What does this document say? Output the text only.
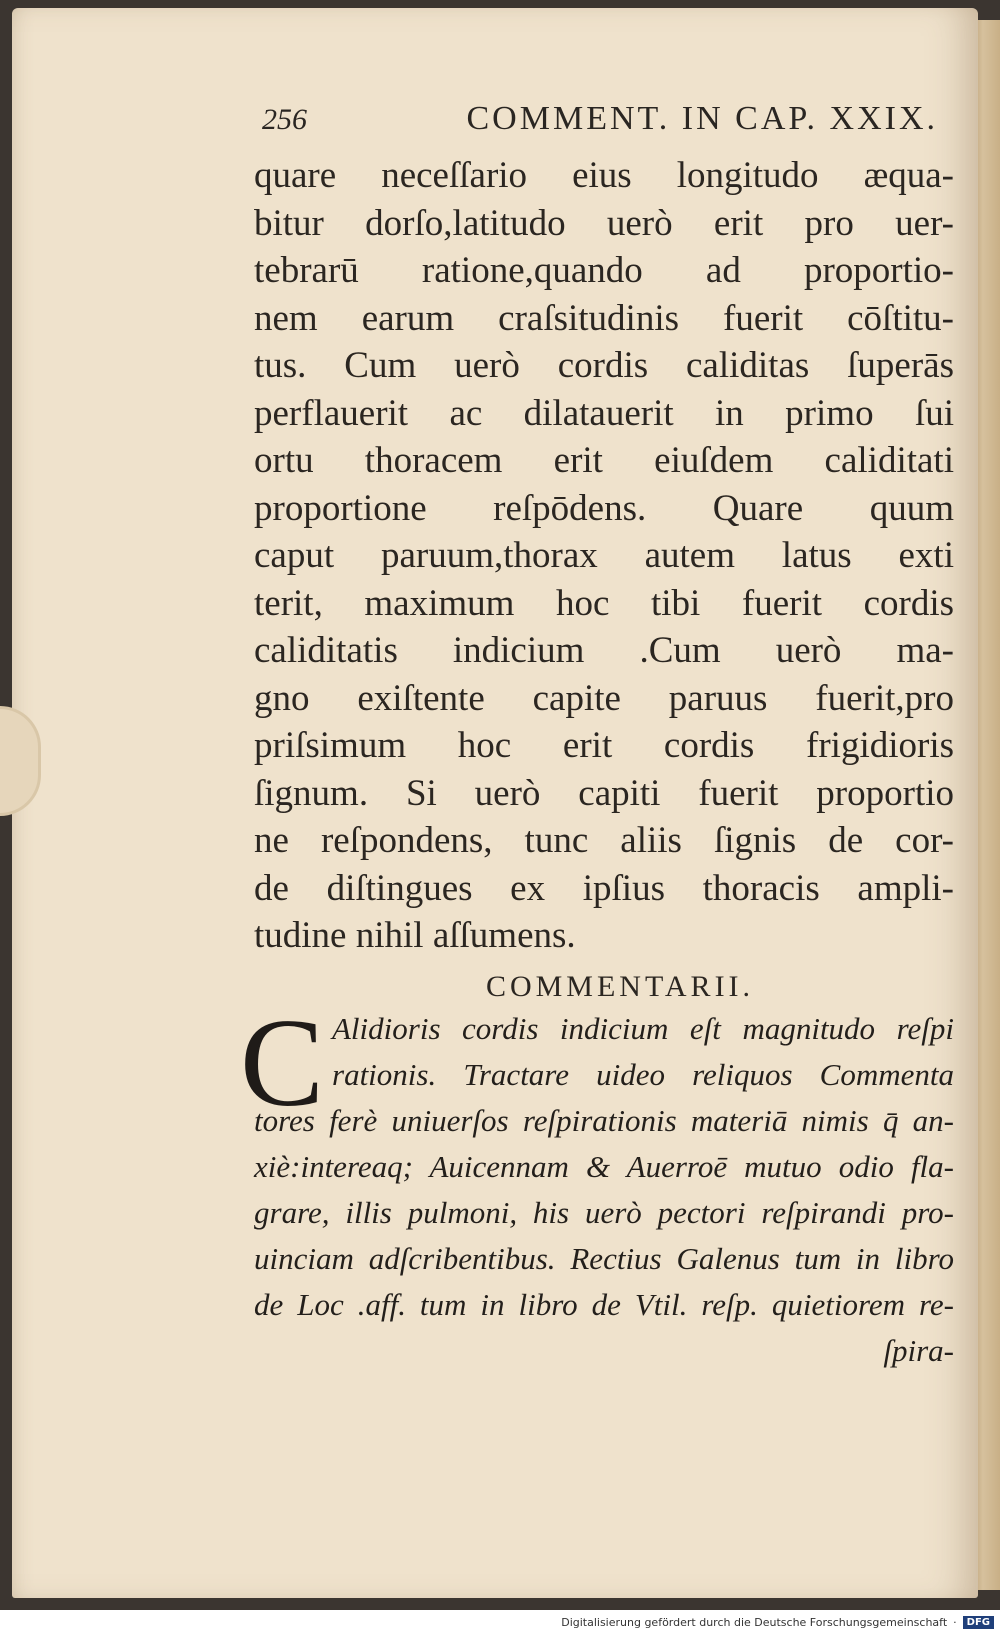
256	COMMENT. IN CAP. XXIX.
quare neceſſario eius longitudo æqua-
bitur dorſo,latitudo uerò erit pro uer-
tebrarū ratione,quando ad proportio-
nem earum craſsitudinis fuerit cōſtitu-
tus. Cum uerò cordis caliditas ſuperās
perflauerit ac dilatauerit in primo ſui
ortu thoracem erit eiuſdem caliditati
proportione reſpōdens. Quare quum
caput paruum,thorax autem latus exti
terit, maximum hoc tibi fuerit cordis
caliditatis indicium .Cum uerò ma-
gno exiſtente capite paruus fuerit,pro
priſsimum hoc erit cordis frigidioris
ſignum. Si uerò capiti fuerit proportio
ne reſpondens, tunc aliis ſignis de cor-
de diſtingues ex ipſius thoracis ampli-
tudine nihil aſſumens.
COMMENTARII.
C Alidioris cordis indicium eſt magnitudo reſpi
rationis. Tractare uideo reliquos Commenta
tores ferè uniuerſos reſpirationis materiā nimis q̄ an-
xiè:intereaq; Auicennam & Auerroē mutuo odio fla-
grare, illis pulmoni, his uerò pectori reſpirandi pro-
uinciam adſcribentibus. Rectius Galenus tum in libro
de Loc .aff. tum in libro de Vtil. reſp. quietiorem re-
ſpira-
Digitalisierung gefördert durch die Deutsche Forschungsgemeinschaft ·	DFG
